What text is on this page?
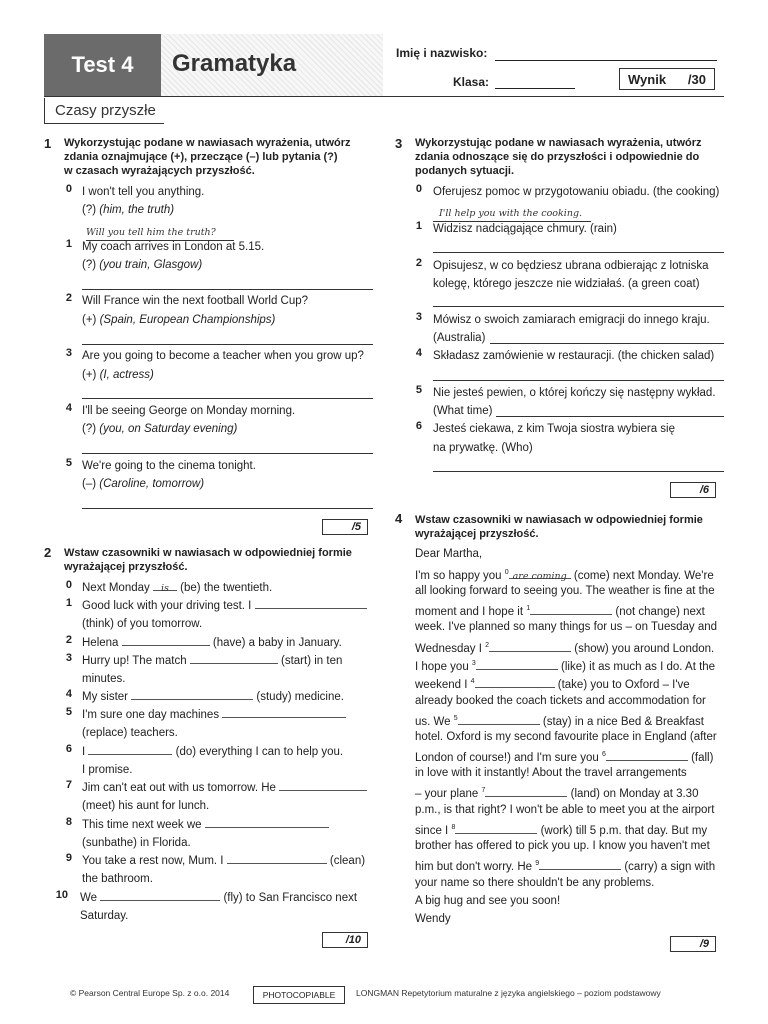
Test 4 Gramatyka	Imię i nazwisko:
Klasa:	Wynik /30
Czasy przyszłe
1 Wykorzystując podane w nawiasach wyrażenia, utwórz
zdania oznajmujące (+), przeczące (–) lub pytania (?)
w czasach wyrażających przyszłość.
0 I won't tell you anything.
(?) (him, the truth)
Will you tell him the truth?
1 My coach arrives in London at 5.15.
(?) (you train, Glasgow)
2 Will France win the next football World Cup?
(+) (Spain, European Championships)
3 Are you going to become a teacher when you grow up?
(+) (I, actress)
4 I'll be seeing George on Monday morning.
(?) (you, on Saturday evening)
5 We're going to the cinema tonight.
(–) (Caroline, tomorrow)
/5
2 Wstaw czasowniki w nawiasach w odpowiedniej formie
wyrażającej przyszłość.
0 Next Monday is (be) the twentieth.
1 Good luck with your driving test. I
(think) of you tomorrow.
2 Helena	(have) a baby in January.
3 Hurry up! The match	(start) in ten
minutes.
4 My sister	(study) medicine.
5 I'm sure one day machines
(replace) teachers.
6 I	(do) everything I can to help you.
I promise.
7 Jim can't eat out with us tomorrow. He
(meet) his aunt for lunch.
8 This time next week we
(sunbathe) in Florida.
9 You take a rest now, Mum. I	(clean)
the bathroom.
10 We	(fly) to San Francisco next
Saturday.
/10
3 Wykorzystując podane w nawiasach wyrażenia, utwórz
zdania odnoszące się do przyszłości i odpowiednie do
podanych sytuacji.
0 Oferujesz pomoc w przygotowaniu obiadu. (the cooking)
I'll help you with the cooking.
1 Widzisz nadciągające chmury. (rain)
2 Opisujesz, w co będziesz ubrana odbierając z lotniska
kolegę, którego jeszcze nie widziałaś. (a green coat)
3 Mówisz o swoich zamiarach emigracji do innego kraju.
(Australia)
4 Składasz zamówienie w restauracji. (the chicken salad)
5 Nie jesteś pewien, o której kończy się następny wykład.
(What time)
6 Jesteś ciekawa, z kim Twoja siostra wybiera się
na prywatkę. (Who)
/6
4 Wstaw czasowniki w nawiasach w odpowiedniej formie
wyrażającej przyszłość.
Dear Martha,
I'm so happy you $^0$ are coming (come) next Monday. We're
all looking forward to seeing you. The weather is fine at the
moment and I hope it $^1$	(not change) next
week. I've planned so many things for us – on Tuesday and
Wednesday I $^2$	(show) you around London.
I hope you $^3$	(like) it as much as I do. At the
weekend I $^4$	(take) you to Oxford – I've
already booked the coach tickets and accommodation for
us. We $^5$	(stay) in a nice Bed & Breakfast
hotel. Oxford is my second favourite place in England (after
London of course!) and I'm sure you $^6$	(fall)
in love with it instantly! About the travel arrangements
– your plane $^7$	(land) on Monday at 3.30
p.m., is that right? I won't be able to meet you at the airport
since I $^8$	(work) till 5 p.m. that day. But my
brother has offered to pick you up. I know you haven't met
him but don't worry. He $^9$	(carry) a sign with
your name so there shouldn't be any problems.
A big hug and see you soon!
Wendy
/9
© Pearson Central Europe Sp. z o.o. 2014	PHOTOCOPIABLE	LONGMAN Repetytorium maturalne z języka angielskiego – poziom podstawowy
